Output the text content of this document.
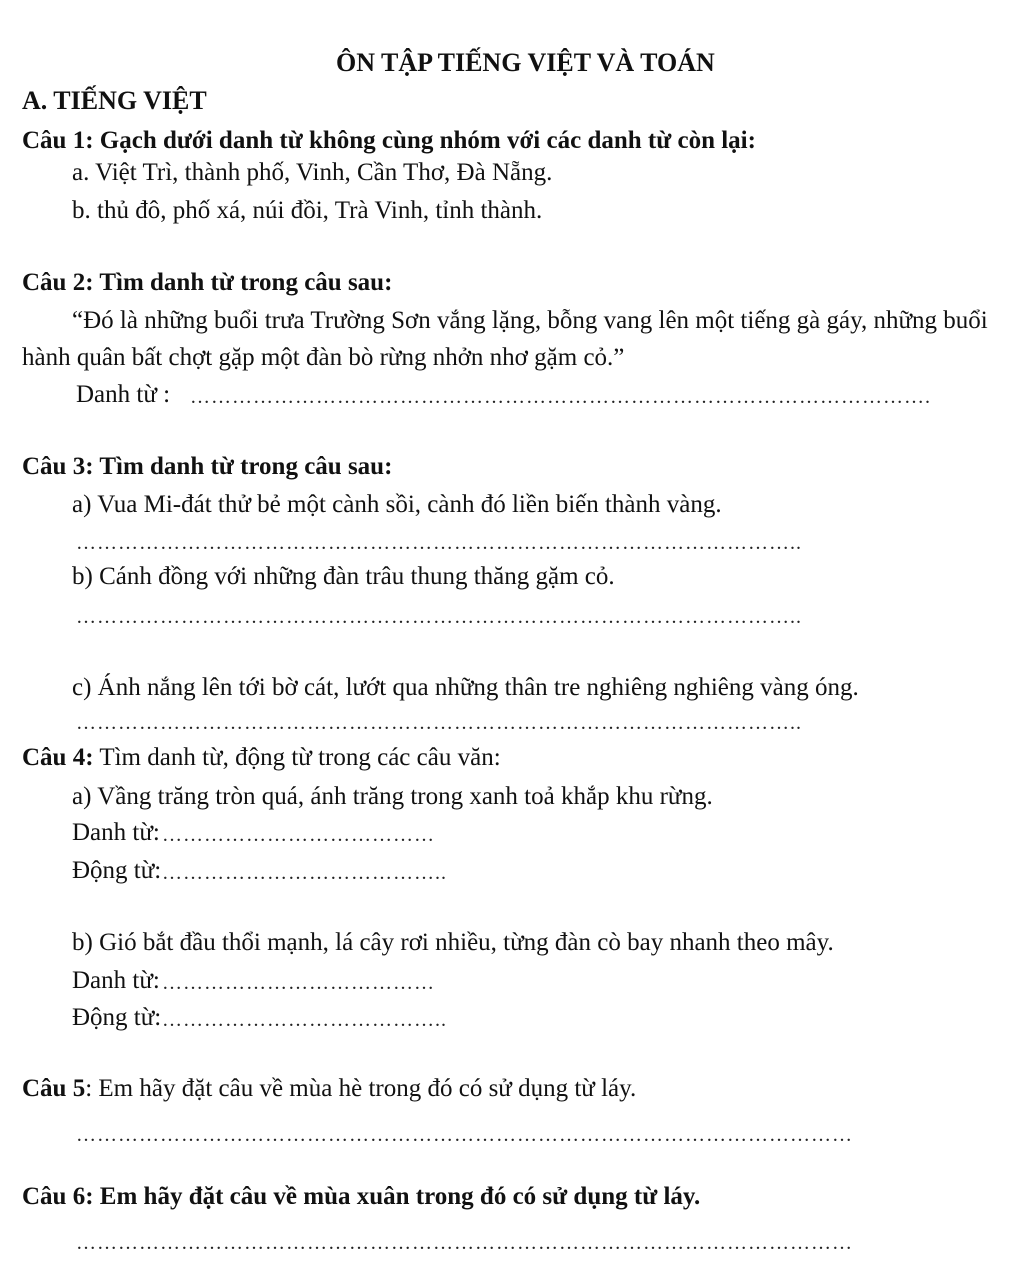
ÔN TẬP TIẾNG VIỆT VÀ TOÁN
A. TIẾNG VIỆT
Câu 1: Gạch dưới danh từ không cùng nhóm với các danh từ còn lại:
a. Việt Trì, thành phố, Vinh, Cần Thơ, Đà Nẵng.
b. thủ đô, phố xá, núi đồi, Trà Vinh, tỉnh thành.
Câu 2: Tìm danh từ trong câu sau:
“Đó là những buổi trưa Trường Sơn vắng lặng, bỗng vang lên một tiếng gà gáy, những buổi
hành quân bất chợt gặp một đàn bò rừng nhởn nhơ gặm cỏ.”
Danh từ : …………………………………………………………………………………………….
Câu 3: Tìm danh từ trong câu sau:
a) Vua Mi-đát thử bẻ một cành sồi, cành đó liền biến thành vàng.
…………………………………………………………………………………………..
b) Cánh đồng với những đàn trâu thung thăng gặm cỏ.
…………………………………………………………………………………………..
c) Ánh nắng lên tới bờ cát, lướt qua những thân tre nghiêng nghiêng vàng óng.
…………………………………………………………………………………………..
Câu 4: Tìm danh từ, động từ trong các câu văn:
a) Vầng trăng tròn quá, ánh trăng trong xanh toả khắp khu rừng.
Danh từ: …………………………………
Động từ: …………………………………..
b) Gió bắt đầu thổi mạnh, lá cây rơi nhiều, từng đàn cò bay nhanh theo mây.
Danh từ: …………………………………
Động từ: …………………………………..
Câu 5: Em hãy đặt câu về mùa hè trong đó có sử dụng từ láy.
…………………………………………………………………………………………………
Câu 6: Em hãy đặt câu về mùa xuân trong đó có sử dụng từ láy.
…………………………………………………………………………………………………
